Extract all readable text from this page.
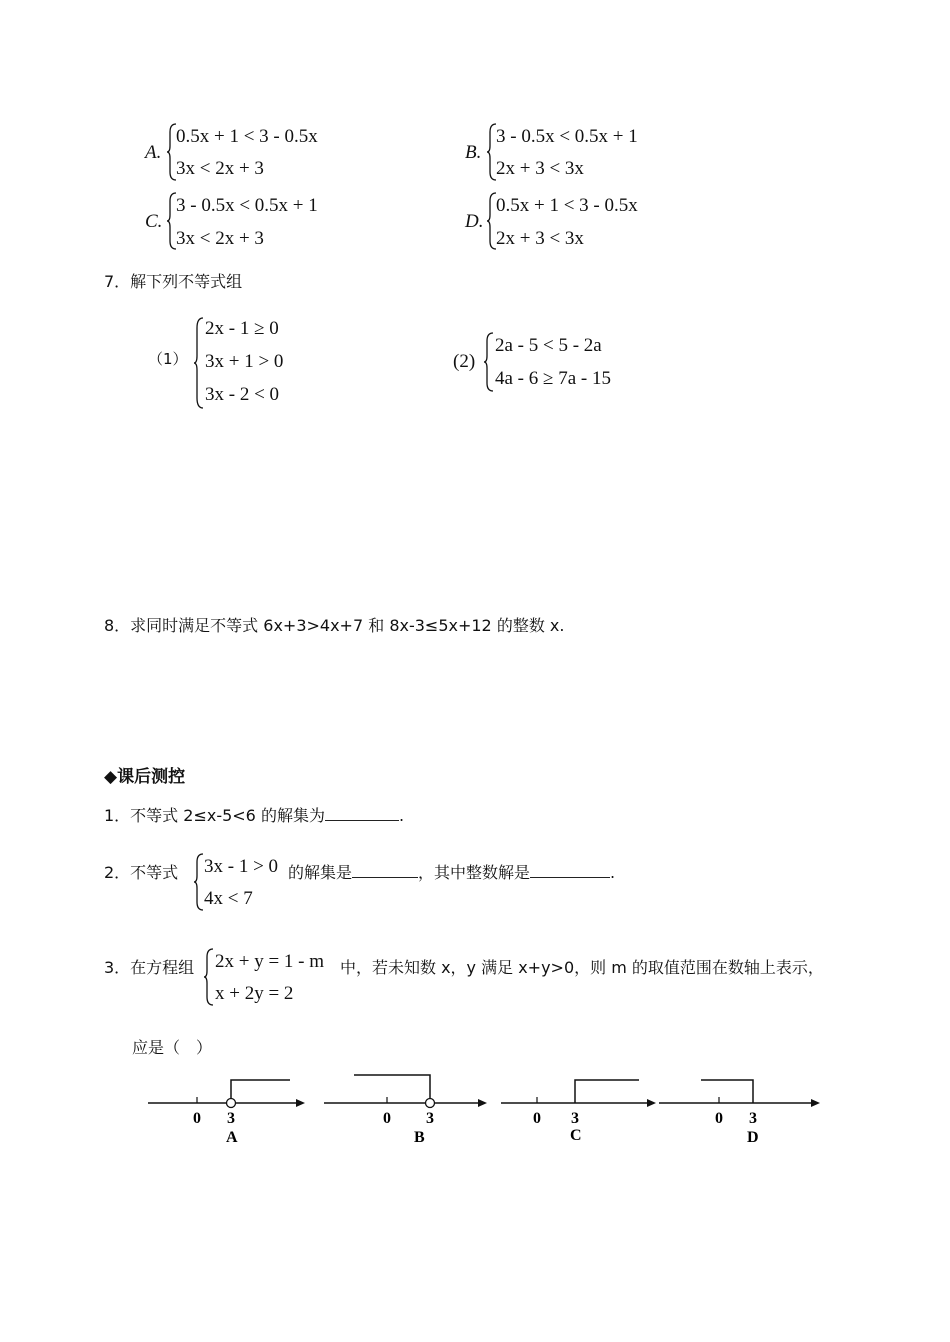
A.
0.5x + 1 < 3 - 0.5x
3x < 2x + 3
B.
3 - 0.5x < 0.5x + 1
2x + 3 < 3x
C.
3 - 0.5x < 0.5x + 1
3x < 2x + 3
D.
0.5x + 1 < 3 - 0.5x
2x + 3 < 3x
7．解下列不等式组
（1）
2x - 1 ≥ 0
3x + 1 > 0
3x - 2 < 0
(2)
2a - 5 < 5 - 2a
4a - 6 ≥ 7a - 15
8．求同时满足不等式 6x+3>4x+7 和 8x-3≤5x+12 的整数 x.
◆课后测控
1．不等式 2≤x-5<6 的解集为	.
2．不等式 3x - 1 > 0
4x < 7
的解集是	，其中整数解是	.
3．在方程组 2x + y = 1 - m
x + 2y = 2
中，若未知数 x，y 满足 x+y>0，则 m 的取值范围在数轴上表示，
应是（　）
0 3
A
0 3
B
0 3
C
0 3
D
